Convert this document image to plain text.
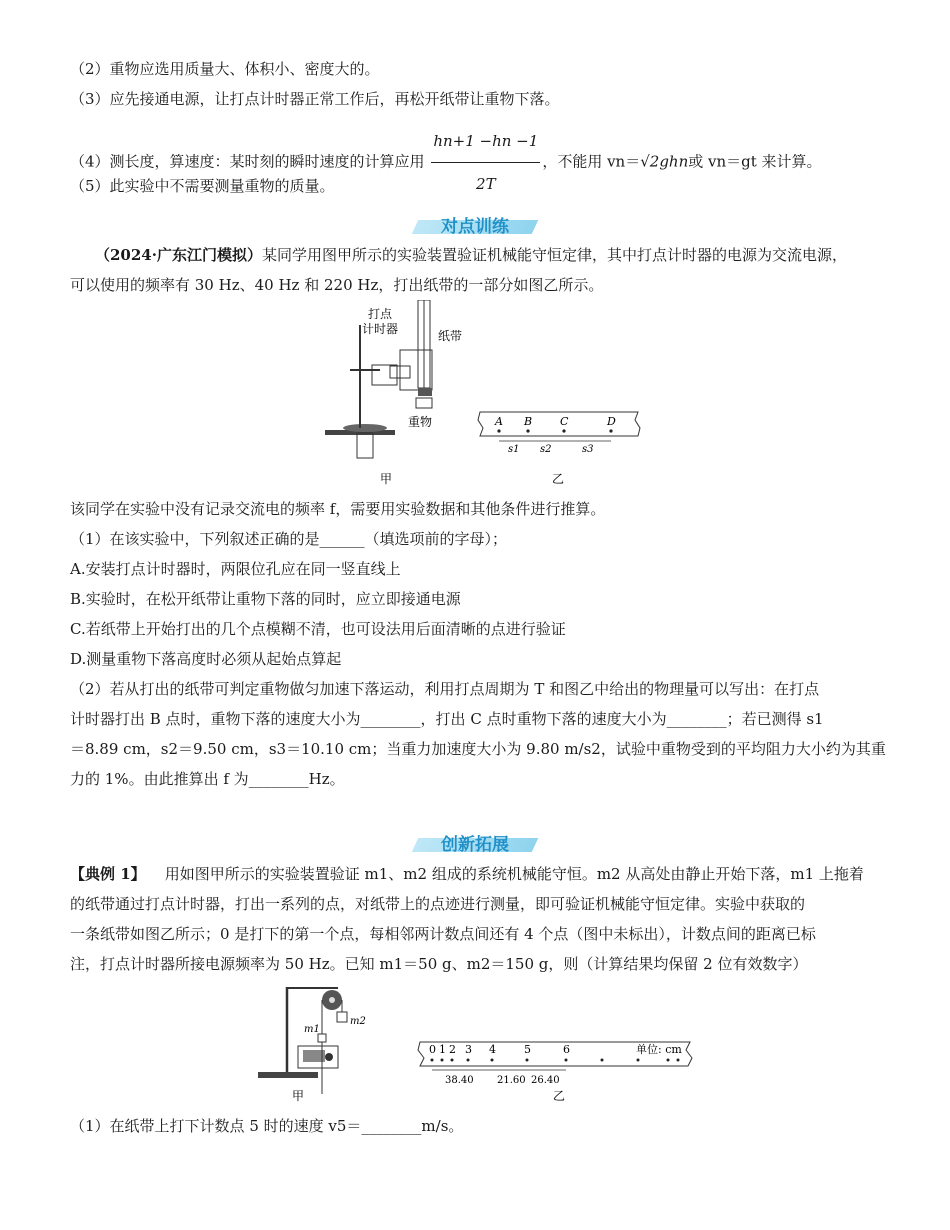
（2）重物应选用质量大、体积小、密度大的。
（3）应先接通电源，让打点计时器正常工作后，再松开纸带让重物下落。
（4）测长度，算速度：某时刻的瞬时速度的计算应用 $\frac{hn+1 -hn -1}{2T}$ ，不能用 vn＝√2ghn或 vn＝gt 来计算。
（5）此实验中不需要测量重物的质量。
对点训练
（2024·广东江门模拟）某同学用图甲所示的实验装置验证机械能守恒定律，其中打点计时器的电源为交流电源，
可以使用的频率有 30 Hz、40 Hz 和 220 Hz，打出纸带的一部分如图乙所示。
打点
计时器	纸带
重物
甲
A B	C	D
s1 s2	s3
乙
该同学在实验中没有记录交流电的频率 f，需要用实验数据和其他条件进行推算。
（1）在该实验中，下列叙述正确的是______（填选项前的字母）；
A.安装打点计时器时，两限位孔应在同一竖直线上
B.实验时，在松开纸带让重物下落的同时，应立即接通电源
C.若纸带上开始打出的几个点模糊不清，也可设法用后面清晰的点进行验证
D.测量重物下落高度时必须从起始点算起
（2）若从打出的纸带可判定重物做匀加速下落运动，利用打点周期为 T 和图乙中给出的物理量可以写出：在打点
计时器打出 B 点时，重物下落的速度大小为________，打出 C 点时重物下落的速度大小为________；若已测得 s1
＝8.89 cm，s2＝9.50 cm，s3＝10.10 cm；当重力加速度大小为 9.80 m/s2，试验中重物受到的平均阻力大小约为其重
力的 1%。由此推算出 f 为________Hz。
创新拓展
【典例 1】 用如图甲所示的实验装置验证 m1、m2 组成的系统机械能守恒。m2 从高处由静止开始下落，m1 上拖着
的纸带通过打点计时器，打出一系列的点，对纸带上的点迹进行测量，即可验证机械能守恒定律。实验中获取的
一条纸带如图乙所示；0 是打下的第一个点，每相邻两计数点间还有 4 个点（图中未标出），计数点间的距离已标
注，打点计时器所接电源频率为 50 Hz。已知 m1＝50 g、m2＝150 g，则（计算结果均保留 2 位有效数字）
m2
m1
甲
0 1 2 3 4	5	6	单位: cm
38.40 21.60 26.40
乙
（1）在纸带上打下计数点 5 时的速度 v5＝________m/s。
